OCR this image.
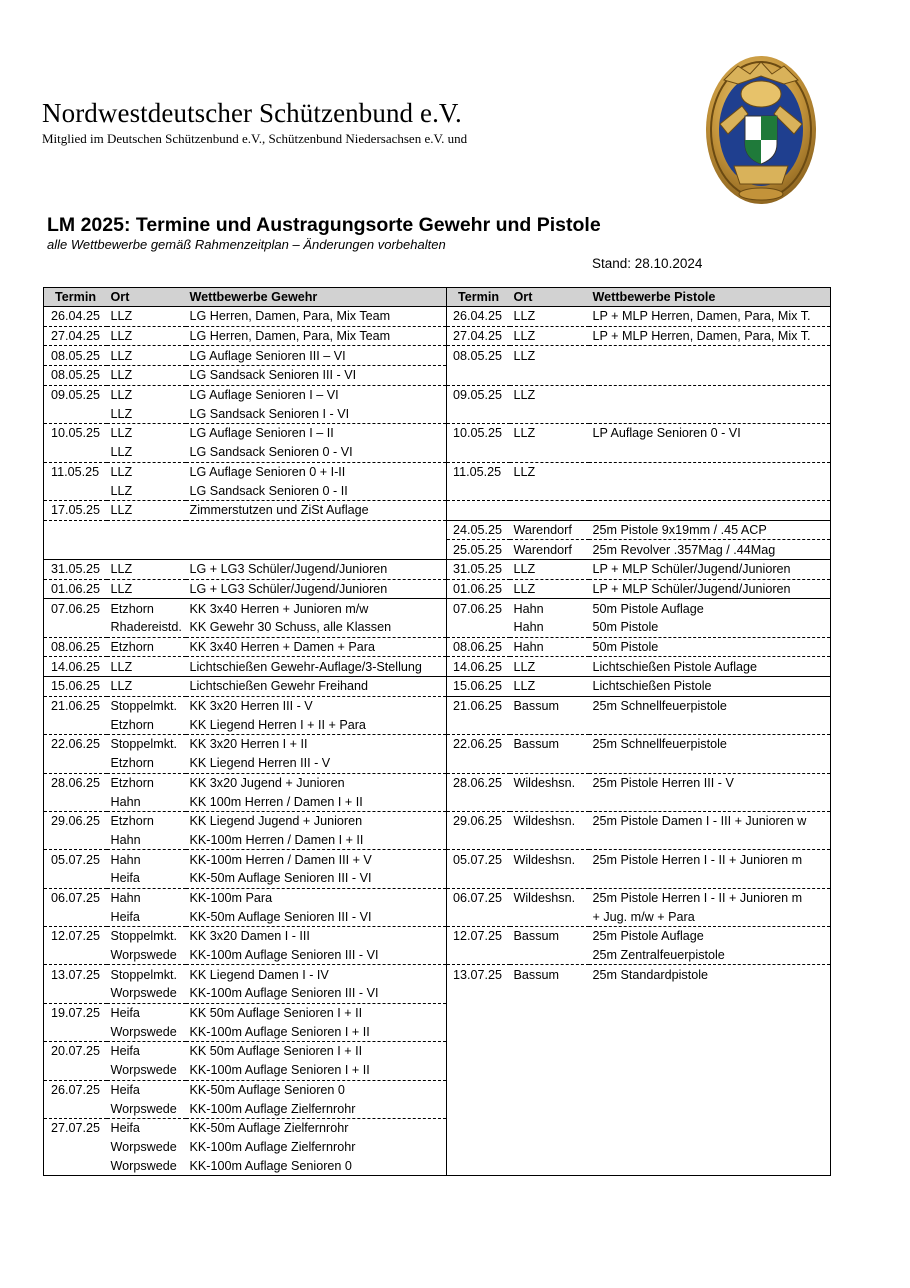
Nordwestdeutscher Schützenbund e.V.
Mitglied im Deutschen Schützenbund e.V., Schützenbund Niedersachsen e.V. und
LM 2025: Termine und Austragungsorte Gewehr und Pistole
alle Wettbewerbe gemäß Rahmenzeitplan – Änderungen vorbehalten
Stand: 28.10.2024
Termin	Ort	Wettbewerbe Gewehr	Termin	Ort	Wettbewerbe Pistole
26.04.25	LLZ	LG Herren, Damen, Para, Mix Team	26.04.25	LLZ	LP + MLP Herren, Damen, Para, Mix T.
27.04.25	LLZ	LG Herren, Damen, Para, Mix Team	27.04.25	LLZ	LP + MLP Herren, Damen, Para, Mix T.
08.05.25	LLZ	LG Auflage Senioren III – VI	08.05.25	LLZ	
08.05.25	LLZ	LG Sandsack Senioren III - VI			
09.05.25	LLZ	LG Auflage Senioren I – VI	09.05.25	LLZ	
	LLZ	LG Sandsack Senioren I - VI			
10.05.25	LLZ	LG Auflage Senioren I – II	10.05.25	LLZ	LP Auflage Senioren 0 - VI
	LLZ	LG Sandsack Senioren 0 - VI			
11.05.25	LLZ	LG Auflage Senioren 0 + I-II	11.05.25	LLZ	
	LLZ	LG Sandsack Senioren 0 - II			
17.05.25	LLZ	Zimmerstutzen und ZiSt Auflage			
			24.05.25	Warendorf	25m Pistole 9x19mm / .45 ACP
			25.05.25	Warendorf	25m Revolver .357Mag / .44Mag
31.05.25	LLZ	LG + LG3 Schüler/Jugend/Junioren	31.05.25	LLZ	LP + MLP Schüler/Jugend/Junioren
01.06.25	LLZ	LG + LG3 Schüler/Jugend/Junioren	01.06.25	LLZ	LP + MLP Schüler/Jugend/Junioren
07.06.25	Etzhorn	KK 3x40 Herren + Junioren m/w	07.06.25	Hahn	50m Pistole Auflage
	Rhadereistd.	KK Gewehr 30 Schuss, alle Klassen		Hahn	50m Pistole
08.06.25	Etzhorn	KK 3x40 Herren + Damen + Para	08.06.25	Hahn	50m Pistole
14.06.25	LLZ	Lichtschießen Gewehr-Auflage/3-Stellung	14.06.25	LLZ	Lichtschießen Pistole Auflage
15.06.25	LLZ	Lichtschießen Gewehr Freihand	15.06.25	LLZ	Lichtschießen Pistole
21.06.25	Stoppelmkt.	KK 3x20 Herren III - V	21.06.25	Bassum	25m Schnellfeuerpistole
	Etzhorn	KK Liegend Herren I + II + Para			
22.06.25	Stoppelmkt.	KK 3x20 Herren I + II	22.06.25	Bassum	25m Schnellfeuerpistole
	Etzhorn	KK Liegend Herren III - V			
28.06.25	Etzhorn	KK 3x20 Jugend + Junioren	28.06.25	Wildeshsn.	25m Pistole Herren III - V
	Hahn	KK 100m Herren / Damen I + II			
29.06.25	Etzhorn	KK Liegend Jugend + Junioren	29.06.25	Wildeshsn.	25m Pistole Damen I - III + Junioren w
	Hahn	KK-100m Herren / Damen I + II			
05.07.25	Hahn	KK-100m Herren / Damen III + V	05.07.25	Wildeshsn.	25m Pistole Herren I - II + Junioren m
	Heifa	KK-50m Auflage Senioren III - VI			
06.07.25	Hahn	KK-100m Para	06.07.25	Wildeshsn.	25m Pistole Herren I - II + Junioren m
	Heifa	KK-50m Auflage Senioren III - VI			+ Jug. m/w + Para
12.07.25	Stoppelmkt.	KK 3x20 Damen I - III	12.07.25	Bassum	25m Pistole Auflage
	Worpswede	KK-100m Auflage Senioren III - VI			25m Zentralfeuerpistole
13.07.25	Stoppelmkt.	KK Liegend Damen I - IV	13.07.25	Bassum	25m Standardpistole
	Worpswede	KK-100m Auflage Senioren III - VI			
19.07.25	Heifa	KK 50m Auflage Senioren I + II			
	Worpswede	KK-100m Auflage Senioren I + II			
20.07.25	Heifa	KK 50m Auflage Senioren I + II			
	Worpswede	KK-100m Auflage Senioren I + II			
26.07.25	Heifa	KK-50m Auflage Senioren 0			
	Worpswede	KK-100m Auflage Zielfernrohr			
27.07.25	Heifa	KK-50m Auflage Zielfernrohr			
	Worpswede	KK-100m Auflage Zielfernrohr			
	Worpswede	KK-100m Auflage Senioren 0			
